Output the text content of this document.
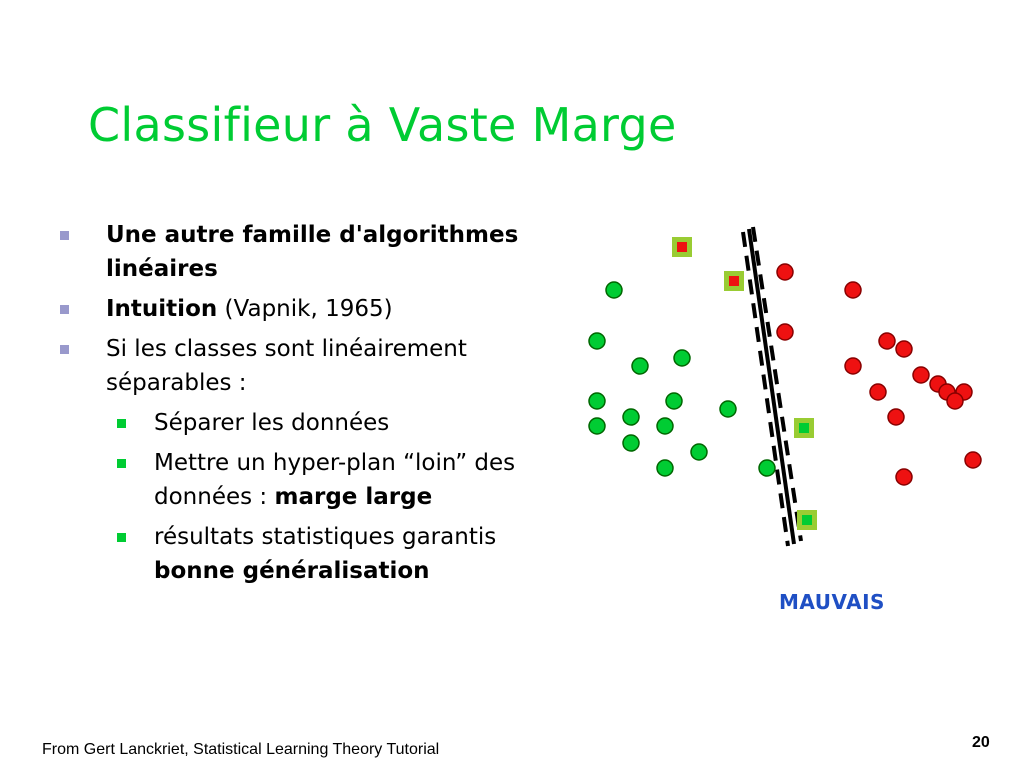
Classifieur à Vaste Marge
Une autre famille d'algorithmes linéaires
Intuition (Vapnik, 1965)
Si les classes sont linéairement séparables :
Séparer les données
Mettre un hyper-plan “loin” des données : marge large
résultats statistiques garantis bonne généralisation
MAUVAIS
From Gert Lanckriet, Statistical Learning Theory Tutorial	20
